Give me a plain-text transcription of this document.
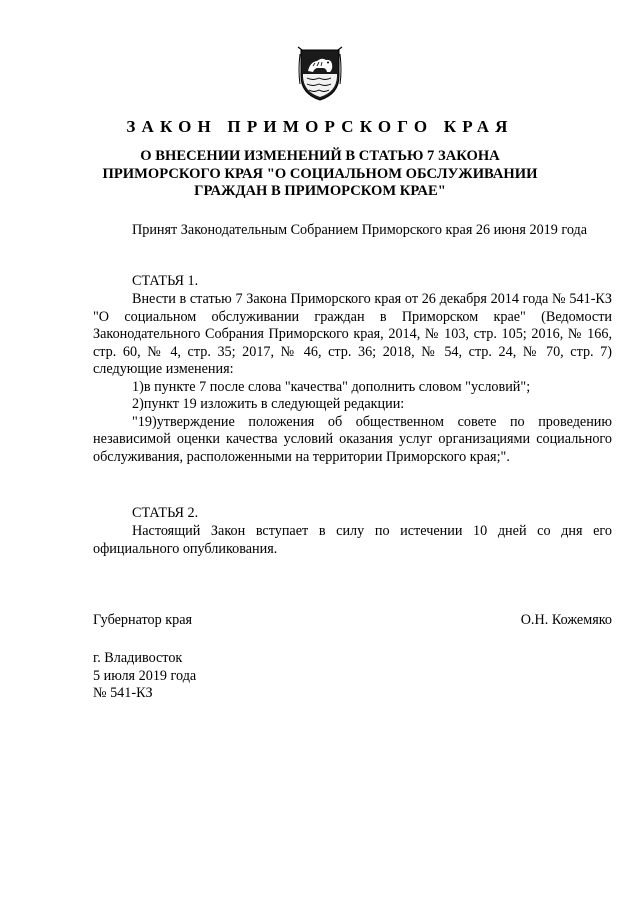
ЗАКОН ПРИМОРСКОГО КРАЯ
О ВНЕСЕНИИ ИЗМЕНЕНИЙ В СТАТЬЮ 7 ЗАКОНА ПРИМОРСКОГО КРАЯ "О СОЦИАЛЬНОМ ОБСЛУЖИВАНИИ ГРАЖДАН В ПРИМОРСКОМ КРАЕ"

Принят Законодательным Собранием Приморского края 26 июня 2019 года

СТАТЬЯ 1.

Внести в статью 7 Закона Приморского края от 26 декабря 2014 года № 541-КЗ "О социальном обслуживании граждан в Приморском крае" (Ведомости Законодательного Собрания Приморского края, 2014, № 103, стр. 105; 2016, № 166, стр. 60, № 4, стр. 35; 2017, № 46, стр. 36; 2018, № 54, стр. 24, № 70, стр. 7) следующие изменения:
1)в пункте 7 после слова "качества" дополнить словом "условий";
2)пункт 19 изложить в следующей редакции:
"19)утверждение положения об общественном совете по проведению независимой оценки качества условий оказания услуг организациями социального обслуживания, расположенными на территории Приморского края;".

СТАТЬЯ 2.

Настоящий Закон вступает в силу по истечении 10 дней со дня его официального опубликования.

Губернатор края	О.Н. Кожемяко

г. Владивосток
5 июля 2019 года
№ 541-КЗ
